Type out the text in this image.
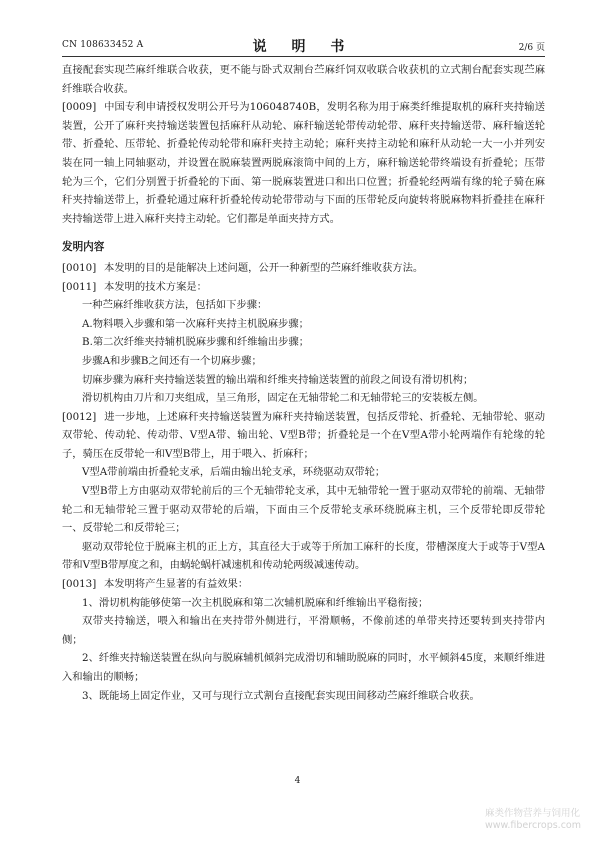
CN 108633452 A	说 明 书	2/6 页

直接配套实现苎麻纤维联合收获，更不能与卧式双割台苎麻纤饲双收联合收获机的立式割台配套实现苎麻纤维联合收获。

[0009] 中国专利申请授权发明公开号为106048740B，发明名称为用于麻类纤维提取机的麻秆夹持输送装置，公开了麻秆夹持输送装置包括麻秆从动轮、麻秆输送轮带传动轮带、麻秆夹持输送带、麻秆输送轮带、折叠轮、压带轮、折叠轮传动轮带和麻秆夹持主动轮；麻秆夹持主动轮和麻秆从动轮一大一小并列安装在同一轴上同轴驱动，并设置在脱麻装置两脱麻滚筒中间的上方，麻秆输送轮带终端设有折叠轮；压带轮为三个，它们分别置于折叠轮的下面、第一脱麻装置进口和出口位置；折叠轮经两端有缘的轮子骑在麻秆夹持输送带上，折叠轮通过麻秆折叠轮传动轮带带动与下面的压带轮反向旋转将脱麻物料折叠挂在麻秆夹持输送带上进入麻秆夹持主动轮。它们都是单面夹持方式。

发明内容

[0010] 本发明的目的是能解决上述问题，公开一种新型的苎麻纤维收获方法。

[0011] 本发明的技术方案是：

一种苎麻纤维收获方法，包括如下步骤：

A.物料喂入步骤和第一次麻秆夹持主机脱麻步骤；

B.第二次纤维夹持辅机脱麻步骤和纤维输出步骤；

步骤A和步骤B之间还有一个切麻步骤；

切麻步骤为麻秆夹持输送装置的输出端和纤维夹持输送装置的前段之间设有滑切机构；

滑切机构由刀片和刀夹组成，呈三角形，固定在无轴带轮二和无轴带轮三的安装板左侧。

[0012] 进一步地，上述麻秆夹持输送装置为麻秆夹持输送装置，包括反带轮、折叠轮、无轴带轮、驱动双带轮、传动轮、传动带、V型A带、输出轮、V型B带；折叠轮是一个在V型A带小轮两端作有轮缘的轮子，骑压在反带轮一和V型B带上，用于喂入、折麻秆；

V型A带前端由折叠轮支承，后端由输出轮支承，环绕驱动双带轮；

V型B带上方由驱动双带轮前后的三个无轴带轮支承，其中无轴带轮一置于驱动双带轮的前端、无轴带轮二和无轴带轮三置于驱动双带轮的后端，下面由三个反带轮支承环绕脱麻主机，三个反带轮即反带轮一、反带轮二和反带轮三；

驱动双带轮位于脱麻主机的正上方，其直径大于或等于所加工麻秆的长度，带槽深度大于或等于V型A带和V型B带厚度之和，由蜗轮蜗杆减速机和传动轮两级减速传动。

[0013] 本发明将产生显著的有益效果：

1、滑切机构能够使第一次主机脱麻和第二次辅机脱麻和纤维输出平稳衔接；

双带夹持输送，喂入和输出在夹持带外侧进行，平滑顺畅，不像前述的单带夹持还要转到夹持带内侧；

2、纤维夹持输送装置在纵向与脱麻辅机倾斜完成滑切和辅助脱麻的同时，水平倾斜45度，来顺纤维进入和输出的顺畅；

3、既能场上固定作业，又可与现行立式割台直接配套实现田间移动苎麻纤维联合收获。

4
麻类作物营养与饲用化
www.fibercrops.com
